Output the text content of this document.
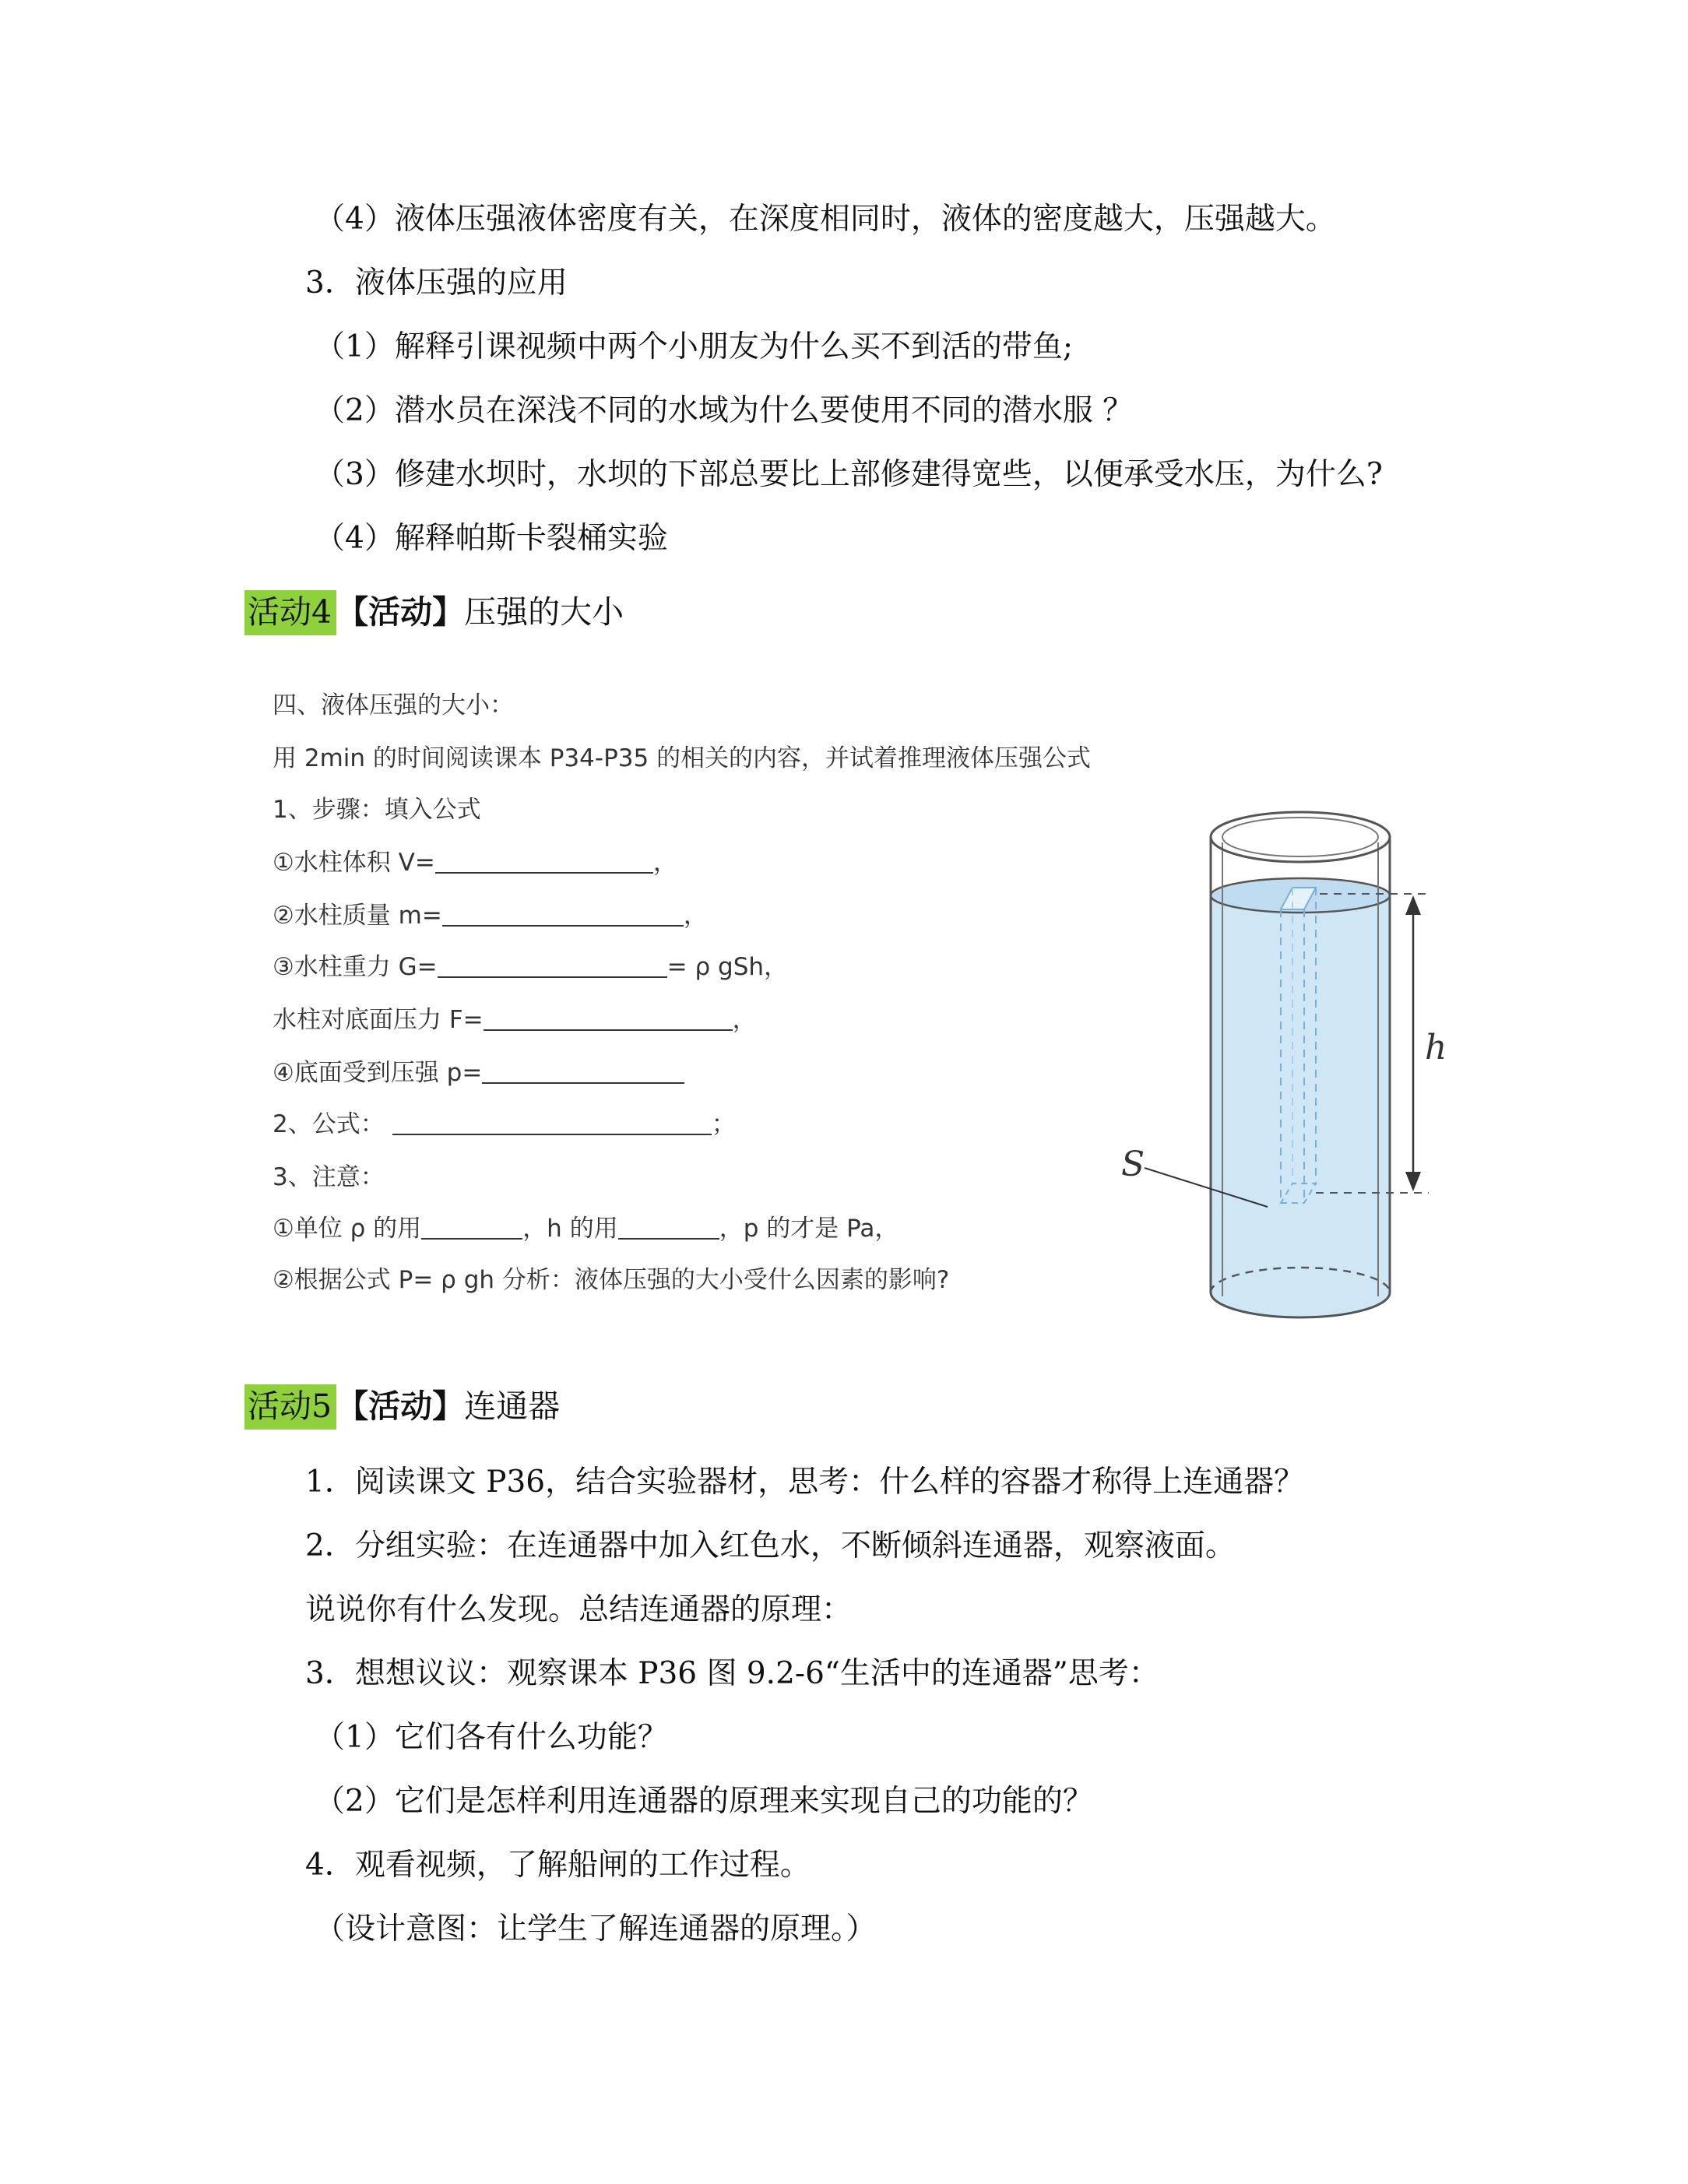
（4）液体压强液体密度有关，在深度相同时，液体的密度越大，压强越大。
3．液体压强的应用
（1）解释引课视频中两个小朋友为什么买不到活的带鱼;
（2）潜水员在深浅不同的水域为什么要使用不同的潜水服 ？
（3）修建水坝时，水坝的下部总要比上部修建得宽些，以便承受水压，为什么?
（4）解释帕斯卡裂桶实验
活动4 【活动】压强的大小
四、液体压强的大小：
用 2min 的时间阅读课本 P34-P35 的相关的内容，并试着推理液体压强公式
1、步骤：填入公式
①水柱体积 V=	，
②水柱质量 m=	，
③水柱重力 G=	= ρ gSh，
水柱对底面压力 F=	，
④底面受到压强 p=
2、公式：	；
3、注意：
①单位 ρ 的用	，h 的用	，p 的才是 Pa，
②根据公式 P= ρ gh 分析：液体压强的大小受什么因素的影响?
h
S
活动5 【活动】连通器
1．阅读课文 P36，结合实验器材，思考：什么样的容器才称得上连通器？
2．分组实验：在连通器中加入红色水，不断倾斜连通器，观察液面。
说说你有什么发现。总结连通器的原理：
3．想想议议：观察课本 P36 图 9.2-6“生活中的连通器”思考：
（1）它们各有什么功能？
（2）它们是怎样利用连通器的原理来实现自己的功能的？
4．观看视频，了解船闸的工作过程。
（设计意图：让学生了解连通器的原理。）
